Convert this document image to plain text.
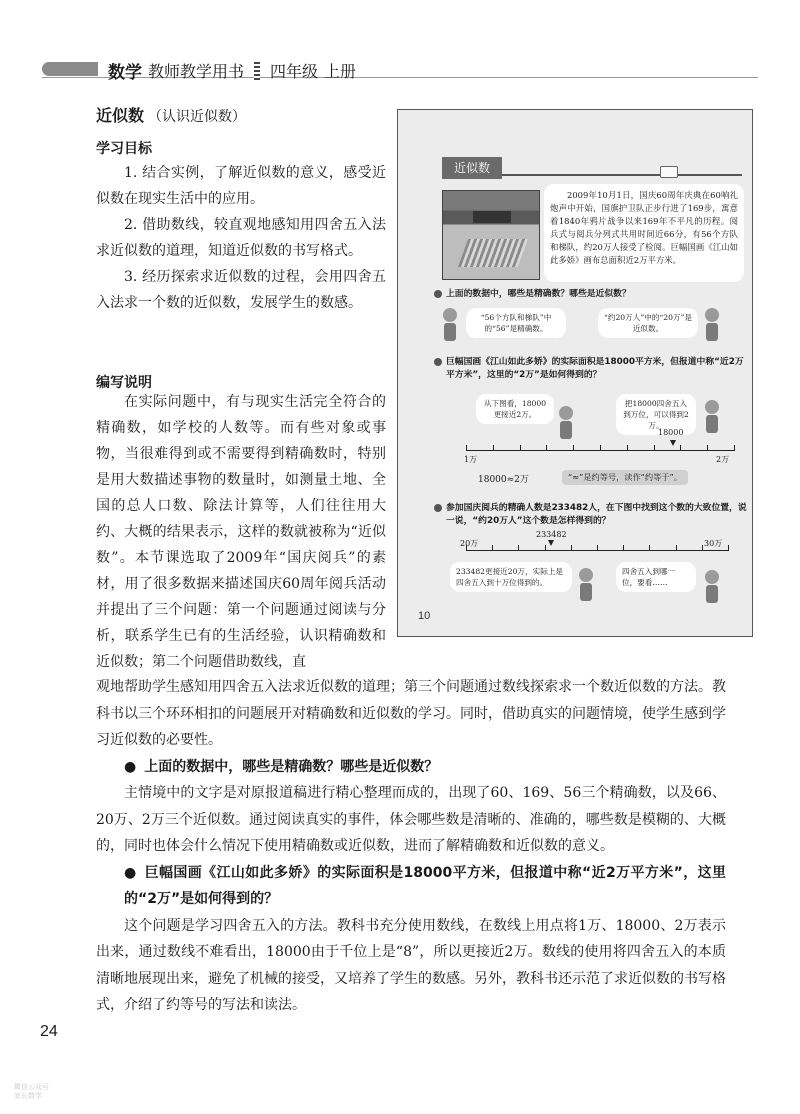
数学 教师教学用书 四年级 上册
近似数 （认识近似数）
学习目标

1. 结合实例，了解近似数的意义，感受近似数在现实生活中的应用。

2. 借助数线，较直观地感知用四舍五入法求近似数的道理，知道近似数的书写格式。

3. 经历探索求近似数的过程，会用四舍五入法求一个数的近似数，发展学生的数感。

编写说明

在实际问题中，有与现实生活完全符合的精确数，如学校的人数等。而有些对象或事物，当很难得到或不需要得到精确数时，特别是用大数描述事物的数量时，如测量土地、全国的总人口数、除法计算等，人们往往用大约、大概的结果表示，这样的数就被称为“近似数”。本节课选取了2009年“国庆阅兵”的素材，用了很多数据来描述国庆60周年阅兵活动并提出了三个问题：第一个问题通过阅读与分析，联系学生已有的生活经验，认识精确数和近似数；第二个问题借助数线，直

观地帮助学生感知用四舍五入法求近似数的道理；第三个问题通过数线探索求一个数近似数的方法。教科书以三个环环相扣的问题展开对精确数和近似数的学习。同时，借助真实的问题情境，使学生感到学习近似数的必要性。

● 上面的数据中，哪些是精确数？哪些是近似数？

主情境中的文字是对原报道稿进行精心整理而成的，出现了60、169、56三个精确数，以及66、20万、2万三个近似数。通过阅读真实的事件，体会哪些数是清晰的、准确的，哪些数是模糊的、大概的，同时也体会什么情况下使用精确数或近似数，进而了解精确数和近似数的意义。

● 巨幅国画《江山如此多娇》的实际面积是18000平方米，但报道中称“近2万平方米”，这里的“2万”是如何得到的？

这个问题是学习四舍五入的方法。教科书充分使用数线，在数线上用点将1万、18000、2万表示出来，通过数线不难看出，18000由于千位上是“8”，所以更接近2万。数线的使用将四舍五入的本质清晰地展现出来，避免了机械的接受，又培养了学生的数感。另外，教科书还示范了求近似数的书写格式，介绍了约等号的写法和读法。

24
微信公众号
家长数学
近似数

2009年10月1日，国庆60周年庆典在60响礼炮声中开始，国旗护卫队正步行进了169步，寓意着1840年鸦片战争以来169年不平凡的历程。阅兵式与阅兵分列式共用时间近66分，有56个方队和梯队，约20万人接受了检阅。巨幅国画《江山如此多娇》画布总面积近2万平方米。

上面的数据中，哪些是精确数？哪些是近似数？
“56个方队和梯队”中的“56”是精确数。
“约20万人”中的“20万”是近似数。
巨幅国画《江山如此多娇》的实际面积是18000平方米，但报道中称“近2万平方米”，这里的“2万”是如何得到的？
从下图看，18000更接近2万。
把18000四舍五入到万位，可以得到2万。
1万	2万
18000
18000≈2万	“≈”是约等号，读作“约等于”。
参加国庆阅兵的精确人数是233482人，在下图中找到这个数的大致位置，说一说，“约20万人”这个数是怎样得到的？
20万	30万
233482
233482更接近20万，实际上是四舍五入到十万位得到的。
四舍五入到哪一位，要看……
10
